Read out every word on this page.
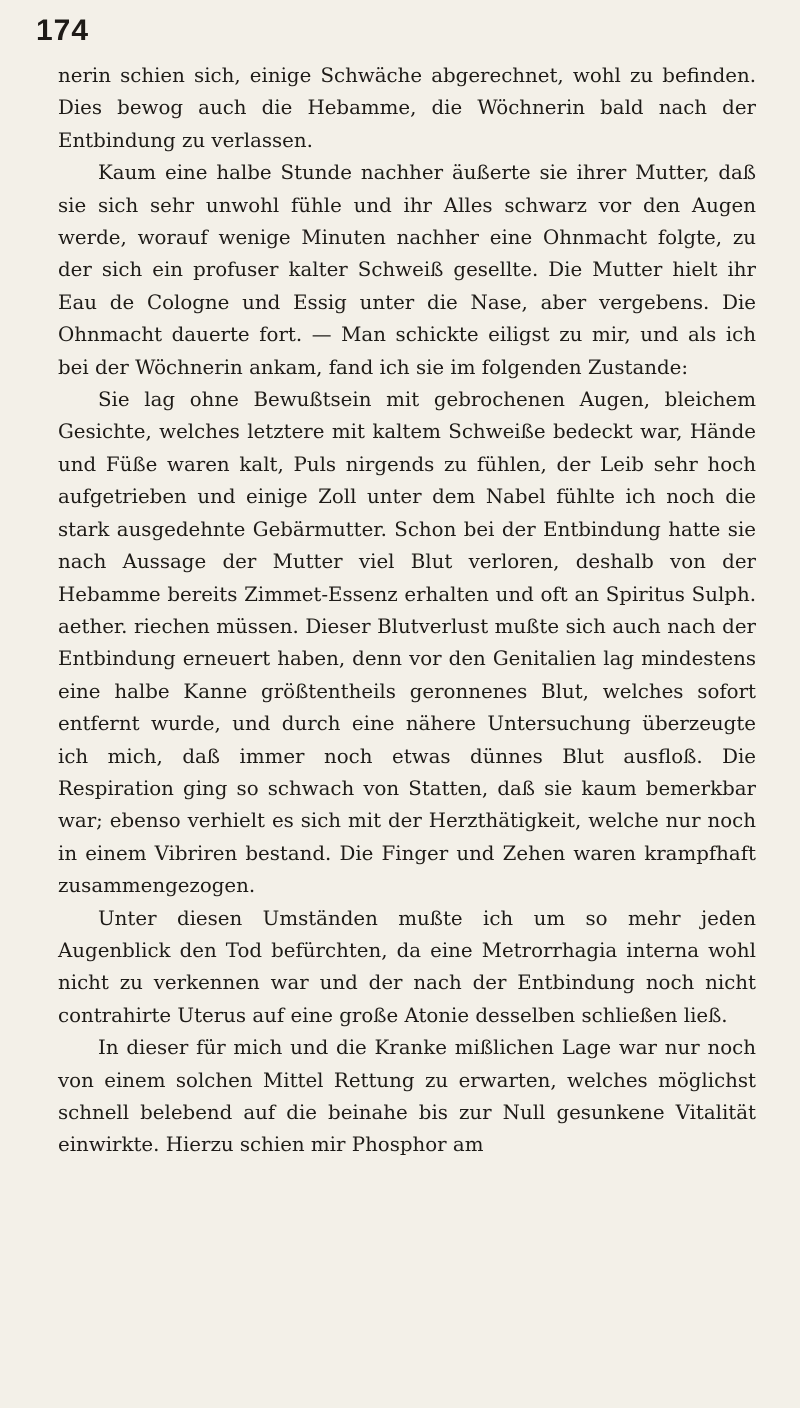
174

nerin schien sich, einige Schwäche abgerechnet, wohl zu befinden. Dies bewog auch die Hebamme, die Wöchnerin bald nach der Entbindung zu verlassen.

Kaum eine halbe Stunde nachher äußerte sie ihrer Mutter, daß sie sich sehr unwohl fühle und ihr Alles schwarz vor den Augen werde, worauf wenige Minuten nachher eine Ohnmacht folgte, zu der sich ein profuser kalter Schweiß gesellte. Die Mutter hielt ihr Eau de Cologne und Essig unter die Nase, aber vergebens. Die Ohnmacht dauerte fort. — Man schickte eiligst zu mir, und als ich bei der Wöchnerin ankam, fand ich sie im folgenden Zustande:

Sie lag ohne Bewußtsein mit gebrochenen Augen, bleichem Gesichte, welches letztere mit kaltem Schweiße bedeckt war, Hände und Füße waren kalt, Puls nirgends zu fühlen, der Leib sehr hoch aufgetrieben und einige Zoll unter dem Nabel fühlte ich noch die stark ausgedehnte Gebärmutter. Schon bei der Entbindung hatte sie nach Aussage der Mutter viel Blut verloren, deshalb von der Hebamme bereits Zimmet-Essenz erhalten und oft an Spiritus Sulph. aether. riechen müssen. Dieser Blutverlust mußte sich auch nach der Entbindung erneuert haben, denn vor den Genitalien lag mindestens eine halbe Kanne größtentheils geronnenes Blut, welches sofort entfernt wurde, und durch eine nähere Untersuchung überzeugte ich mich, daß immer noch etwas dünnes Blut ausfloß. Die Respiration ging so schwach von Statten, daß sie kaum bemerkbar war; ebenso verhielt es sich mit der Herzthätigkeit, welche nur noch in einem Vibriren bestand. Die Finger und Zehen waren krampfhaft zusammengezogen.

Unter diesen Umständen mußte ich um so mehr jeden Augenblick den Tod befürchten, da eine Metrorrhagia interna wohl nicht zu verkennen war und der nach der Entbindung noch nicht contrahirte Uterus auf eine große Atonie desselben schließen ließ.

In dieser für mich und die Kranke mißlichen Lage war nur noch von einem solchen Mittel Rettung zu erwarten, welches möglichst schnell belebend auf die beinahe bis zur Null gesunkene Vitalität einwirkte. Hierzu schien mir Phosphor am
